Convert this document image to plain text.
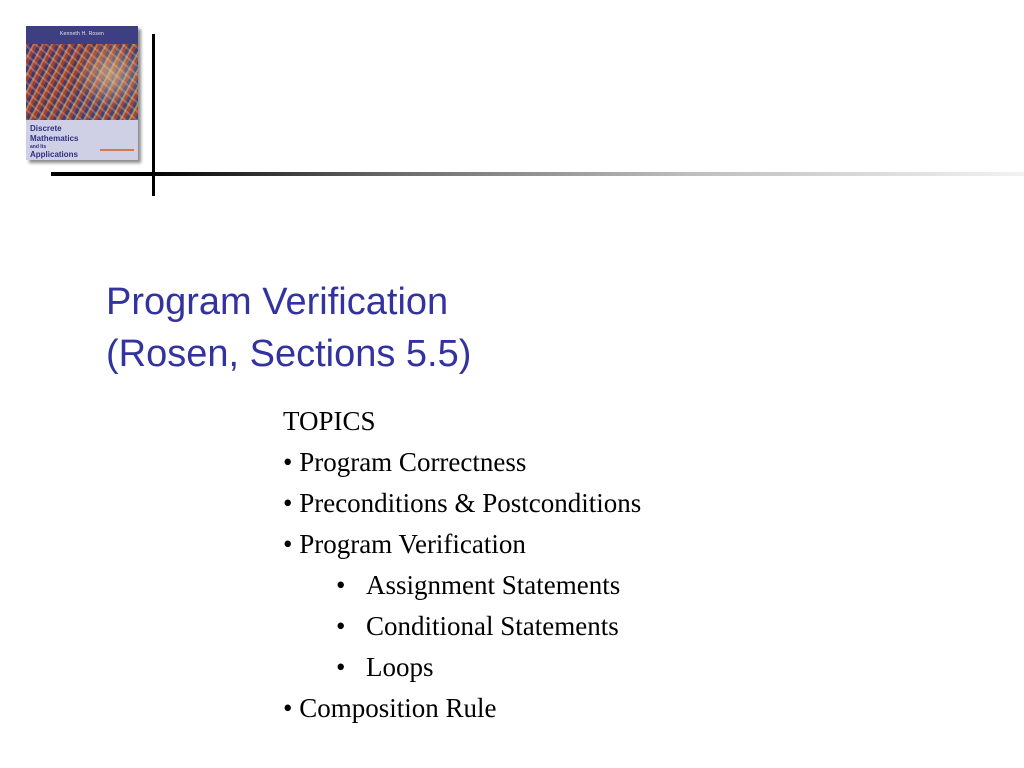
Kenneth H. Rosen
Discrete
Mathematics
and Its
Applications
Program Verification
(Rosen, Sections 5.5)
TOPICS
• Program Correctness
• Preconditions & Postconditions
• Program Verification
• Assignment Statements
• Conditional Statements
• Loops
• Composition Rule
